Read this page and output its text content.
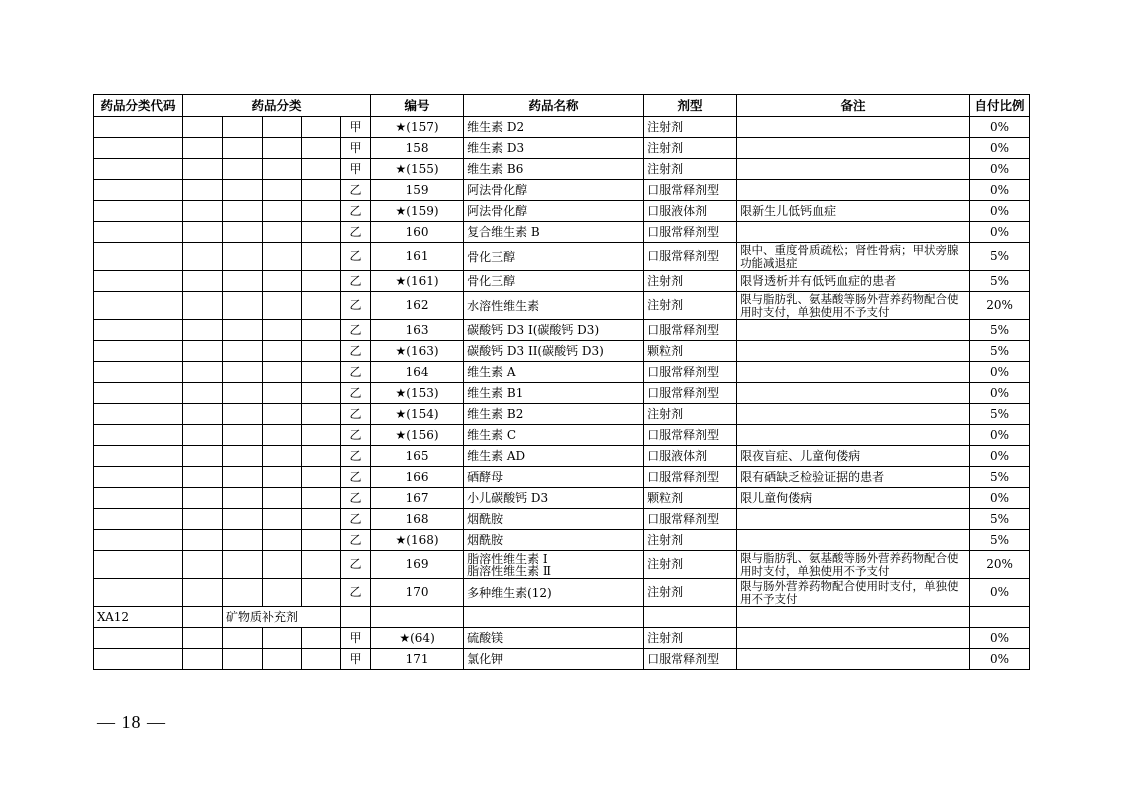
药品分类代码	药品分类					编号	药品名称	剂型	备注	自付比例
					甲	★(157)	维生素 D2	注射剂		0%
					甲	158	维生素 D3	注射剂		0%
					甲	★(155)	维生素 B6	注射剂		0%
					乙	159	阿法骨化醇	口服常释剂型		0%
					乙	★(159)	阿法骨化醇	口服液体剂	限新生儿低钙血症	0%
					乙	160	复合维生素 B	口服常释剂型		0%
					乙	161	骨化三醇	口服常释剂型	限中、重度骨质疏松；肾性骨病；甲状旁腺功能减退症	5%
					乙	★(161)	骨化三醇	注射剂	限肾透析并有低钙血症的患者	5%
					乙	162	水溶性维生素	注射剂	限与脂肪乳、氨基酸等肠外营养药物配合使用时支付，单独使用不予支付	20%
					乙	163	碳酸钙 D3 I(碳酸钙 D3)	口服常释剂型		5%
					乙	★(163)	碳酸钙 D3 II(碳酸钙 D3)	颗粒剂		5%
					乙	164	维生素 A	口服常释剂型		0%
					乙	★(153)	维生素 B1	口服常释剂型		0%
					乙	★(154)	维生素 B2	注射剂		5%
					乙	★(156)	维生素 C	口服常释剂型		0%
					乙	165	维生素 AD	口服液体剂	限夜盲症、儿童佝偻病	0%
					乙	166	硒酵母	口服常释剂型	限有硒缺乏检验证据的患者	5%
					乙	167	小儿碳酸钙 D3	颗粒剂	限儿童佝偻病	0%
					乙	168	烟酰胺	口服常释剂型		5%
					乙	★(168)	烟酰胺	注射剂		5%
					乙	169	脂溶性维生素 Ⅰ
脂溶性维生素 Ⅱ	注射剂	限与脂肪乳、氨基酸等肠外营养药物配合使用时支付，单独使用不予支付	20%
					乙	170	多种维生素(12)	注射剂	限与肠外营养药物配合使用时支付，单独使用不予支付	0%
XA12		矿物质补充剂								
					甲	★(64)	硫酸镁	注射剂		0%
					甲	171	氯化钾	口服常释剂型		0%
— 18 —
